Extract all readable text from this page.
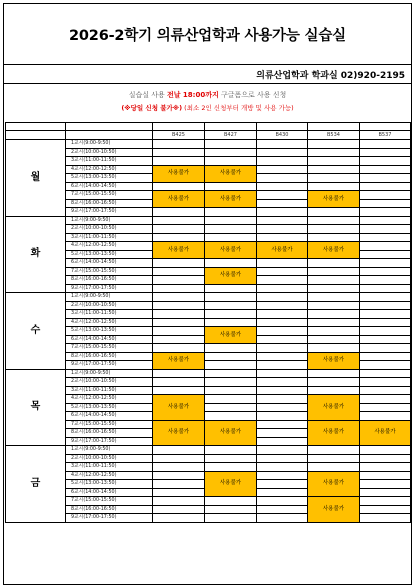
2026-2학기 의류산업학과 사용가능 실습실
의류산업학과 학과실 02)920-2195
실습실 사용 전날 18:00까지 구글폼으로 사용 신청
(※당일 신청 불가※) (최소 2인 신청부터 개방 및 사용 가능)

		B425	B427	B430	B534	B537
월	1교시(9:00-9:50)					
	2교시(10:00-10:50)					
	3교시(11:00-11:50)					
	4교시(12:00-12:50)	사용불가	사용불가			
	5교시(13:00-13:50)					
	6교시(14:00-14:50)					
	7교시(15:00-15:50)	사용불가	사용불가		사용불가	
	8교시(16:00-16:50)					
	9교시(17:00-17:50)					
화	1교시(9:00-9:50)					
	2교시(10:00-10:50)					
	3교시(11:00-11:50)					
	4교시(12:00-12:50)	사용불가	사용불가	사용불가	사용불가	
	5교시(13:00-13:50)					
	6교시(14:00-14:50)					
	7교시(15:00-15:50)		사용불가			
	8교시(16:00-16:50)					
	9교시(17:00-17:50)					
수	1교시(9:00-9:50)					
	2교시(10:00-10:50)					
	3교시(11:00-11:50)					
	4교시(12:00-12:50)					
	5교시(13:00-13:50)		사용불가			
	6교시(14:00-14:50)					
	7교시(15:00-15:50)					
	8교시(16:00-16:50)	사용불가			사용불가	
	9교시(17:00-17:50)					
목	1교시(9:00-9:50)					
	2교시(10:00-10:50)					
	3교시(11:00-11:50)					
	4교시(12:00-12:50)	사용불가			사용불가	
	5교시(13:00-13:50)					
	6교시(14:00-14:50)					
	7교시(15:00-15:50)	사용불가	사용불가		사용불가	사용불가
	8교시(16:00-16:50)					
	9교시(17:00-17:50)					
금	1교시(9:00-9:50)					
	2교시(10:00-10:50)					
	3교시(11:00-11:50)					
	4교시(12:00-12:50)		사용불가		사용불가	
	5교시(13:00-13:50)					
	6교시(14:00-14:50)					
	7교시(15:00-15:50)				사용불가	
	8교시(16:00-16:50)					
	9교시(17:00-17:50)					
